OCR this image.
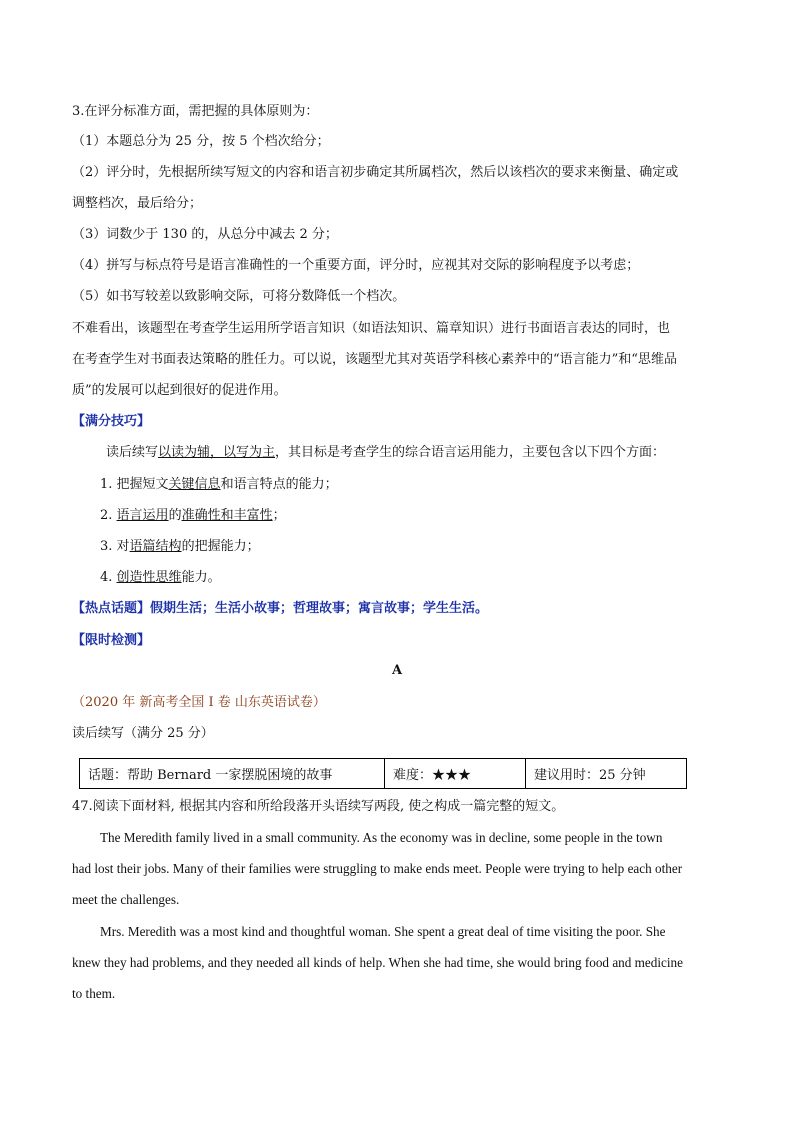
3.在评分标准方面，需把握的具体原则为：
（1）本题总分为 25 分，按 5 个档次给分；
（2）评分时，先根据所续写短文的内容和语言初步确定其所属档次，然后以该档次的要求来衡量、确定或
调整档次，最后给分；
（3）词数少于 130 的，从总分中减去 2 分；
（4）拼写与标点符号是语言准确性的一个重要方面，评分时，应视其对交际的影响程度予以考虑；
（5）如书写较差以致影响交际，可将分数降低一个档次。
不难看出，该题型在考查学生运用所学语言知识（如语法知识、篇章知识）进行书面语言表达的同时，也
在考查学生对书面表达策略的胜任力。可以说，该题型尤其对英语学科核心素养中的“语言能力”和“思维品
质”的发展可以起到很好的促进作用。
【满分技巧】
读后续写以读为辅，以写为主，其目标是考查学生的综合语言运用能力，主要包含以下四个方面：
1. 把握短文关键信息和语言特点的能力；
2. 语言运用的准确性和丰富性；
3. 对语篇结构的把握能力；
4. 创造性思维能力。
【热点话题】假期生活；生活小故事；哲理故事；寓言故事；学生生活。
【限时检测】
A
（2020 年 新高考全国 I 卷 山东英语试卷）
读后续写（满分 25 分）
话题：帮助 Bernard 一家摆脱困境的故事	难度：★★★	建议用时：25 分钟
47.阅读下面材料, 根据其内容和所给段落开头语续写两段, 使之构成一篇完整的短文。
The Meredith family lived in a small community. As the economy was in decline, some people in the town
had lost their jobs. Many of their families were struggling to make ends meet. People were trying to help each other
meet the challenges.
Mrs. Meredith was a most kind and thoughtful woman. She spent a great deal of time visiting the poor. She
knew they had problems, and they needed all kinds of help. When she had time, she would bring food and medicine
to them.
